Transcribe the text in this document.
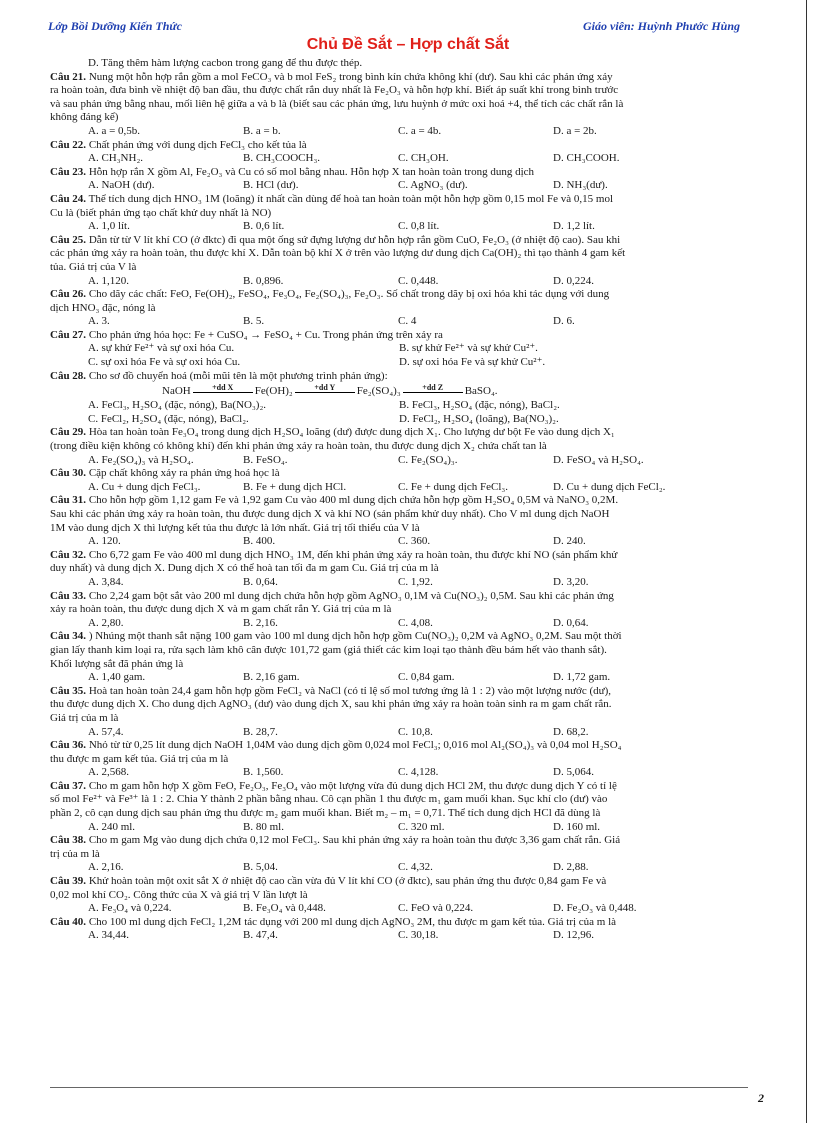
Lớp Bồi Dưỡng Kiến Thức	Giáo viên: Huỳnh Phước Hùng
Chủ Đề Sắt – Hợp chất Sắt
D. Tăng thêm hàm lượng cacbon trong gang để thu được thép.
Câu 21. Nung một hỗn hợp rắn gồm a mol FeCO₃ và b mol FeS₂ trong bình kín chứa không khí (dư). Sau khi các phản ứng xảy
ra hoàn toàn, đưa bình về nhiệt độ ban đầu, thu được chất rắn duy nhất là Fe₂O₃ và hỗn hợp khí. Biết áp suất khí trong bình trước
và sau phản ứng bằng nhau, mối liên hệ giữa a và b là (biết sau các phản ứng, lưu huỳnh ở mức oxi hoá +4, thể tích các chất rắn là
không đáng kể)
A. a = 0,5b.	B. a = b.	C. a = 4b.	D. a = 2b.
Câu 22. Chất phản ứng với dung dịch FeCl₃ cho kết tủa là
A. CH₃NH₂.	B. CH₃COOCH₃.	C. CH₃OH.	D. CH₃COOH.
Câu 23. Hỗn hợp rắn X gồm Al, Fe₂O₃ và Cu có số mol bằng nhau. Hỗn hợp X tan hoàn toàn trong dung dịch
A. NaOH (dư).	B. HCl (dư).	C. AgNO₃ (dư).	D. NH₃(dư).
Câu 24. Thể tích dung dịch HNO₃ 1M (loãng) ít nhất cần dùng để hoà tan hoàn toàn một hỗn hợp gồm 0,15 mol Fe và 0,15 mol
Cu là (biết phản ứng tạo chất khử duy nhất là NO)
A. 1,0 lít.	B. 0,6 lít.	C. 0,8 lít.	D. 1,2 lít.
Câu 25. Dẫn từ từ V lít khí CO (ở đktc) đi qua một ống sứ đựng lượng dư hỗn hợp rắn gồm CuO, Fe₂O₃ (ở nhiệt độ cao). Sau khi
các phản ứng xảy ra hoàn toàn, thu được khí X. Dẫn toàn bộ khí X ở trên vào lượng dư dung dịch Ca(OH)₂ thì tạo thành 4 gam kết
tủa. Giá trị của V là
A. 1,120.	B. 0,896.	C. 0,448.	D. 0,224.
Câu 26. Cho dãy các chất: FeO, Fe(OH)₂, FeSO₄, Fe₃O₄, Fe₂(SO₄)₃, Fe₂O₃. Số chất trong dãy bị oxi hóa khi tác dụng với dung
dịch HNO₃ đặc, nóng là
A. 3.	B. 5.	C. 4	D. 6.
Câu 27. Cho phản ứng hóa học: Fe + CuSO₄ → FeSO₄ + Cu. Trong phản ứng trên xảy ra
A. sự khử Fe²⁺ và sự oxi hóa Cu.	B. sự khử Fe²⁺ và sự khử Cu²⁺.
C. sự oxi hóa Fe và sự oxi hóa Cu.	D. sự oxi hóa Fe và sự khử Cu²⁺.
Câu 28. Cho sơ đồ chuyển hoá (mỗi mũi tên là một phương trình phản ứng):
NaOH	+dd X Fe(OH)₂	+dd Y Fe₂(SO₄)₃	+dd Z BaSO₄.
A. FeCl₃, H₂SO₄ (đặc, nóng), Ba(NO₃)₂.	B. FeCl₃, H₂SO₄ (đặc, nóng), BaCl₂.
C. FeCl₂, H₂SO₄ (đặc, nóng), BaCl₂.	D. FeCl₂, H₂SO₄ (loãng), Ba(NO₃)₂.
Câu 29. Hòa tan hoàn toàn Fe₃O₄ trong dung dịch H₂SO₄ loãng (dư) được dung dịch X₁. Cho lượng dư bột Fe vào dung dịch X₁
(trong điều kiện không có không khí) đến khi phản ứng xảy ra hoàn toàn, thu được dung dịch X₂ chứa chất tan là
A. Fe₂(SO₄)₃ và H₂SO₄.	B. FeSO₄.	C. Fe₂(SO₄)₃.	D. FeSO₄ và H₂SO₄.
Câu 30. Cặp chất không xảy ra phản ứng hoá học là
A. Cu + dung dịch FeCl₃.	B. Fe + dung dịch HCl.	C. Fe + dung dịch FeCl₃.	D. Cu + dung dịch FeCl₂.
Câu 31. Cho hỗn hợp gồm 1,12 gam Fe và 1,92 gam Cu vào 400 ml dung dịch chứa hỗn hợp gồm H₂SO₄ 0,5M và NaNO₃ 0,2M.
Sau khi các phản ứng xảy ra hoàn toàn, thu được dung dịch X và khí NO (sản phẩm khử duy nhất). Cho V ml dung dịch NaOH
1M vào dung dịch X thì lượng kết tủa thu được là lớn nhất. Giá trị tối thiểu của V là
A. 120.	B. 400.	C. 360.	D. 240.
Câu 32. Cho 6,72 gam Fe vào 400 ml dung dịch HNO₃ 1M, đến khi phản ứng xảy ra hoàn toàn, thu được khí NO (sản phẩm khử
duy nhất) và dung dịch X. Dung dịch X có thể hoà tan tối đa m gam Cu. Giá trị của m là
A. 3,84.	B. 0,64.	C. 1,92.	D. 3,20.
Câu 33. Cho 2,24 gam bột sắt vào 200 ml dung dịch chứa hỗn hợp gồm AgNO₃ 0,1M và Cu(NO₃)₂ 0,5M. Sau khi các phản ứng
xảy ra hoàn toàn, thu được dung dịch X và m gam chất rắn Y. Giá trị của m là
A. 2,80.	B. 2,16.	C. 4,08.	D. 0,64.
Câu 34. ) Nhúng một thanh sắt nặng 100 gam vào 100 ml dung dịch hỗn hợp gồm Cu(NO₃)₂ 0,2M và AgNO₃ 0,2M. Sau một thời
gian lấy thanh kim loại ra, rửa sạch làm khô cân được 101,72 gam (giả thiết các kim loại tạo thành đều bám hết vào thanh sắt).
Khối lượng sắt đã phản ứng là
A. 1,40 gam.	B. 2,16 gam.	C. 0,84 gam.	D. 1,72 gam.
Câu 35. Hoà tan hoàn toàn 24,4 gam hỗn hợp gồm FeCl₂ và NaCl (có tỉ lệ số mol tương ứng là 1 : 2) vào một lượng nước (dư),
thu được dung dịch X. Cho dung dịch AgNO₃ (dư) vào dung dịch X, sau khi phản ứng xảy ra hoàn toàn sinh ra m gam chất rắn.
Giá trị của m là
A. 57,4.	B. 28,7.	C. 10,8.	D. 68,2.
Câu 36. Nhỏ từ từ 0,25 lít dung dịch NaOH 1,04M vào dung dịch gồm 0,024 mol FeCl₃; 0,016 mol Al₂(SO₄)₃ và 0,04 mol H₂SO₄
thu được m gam kết tủa. Giá trị của m là
A. 2,568.	B. 1,560.	C. 4,128.	D. 5,064.
Câu 37. Cho m gam hỗn hợp X gồm FeO, Fe₂O₃, Fe₃O₄ vào một lượng vừa đủ dung dịch HCl 2M, thu được dung dịch Y có tỉ lệ
số mol Fe²⁺ và Fe³⁺ là 1 : 2. Chia Y thành 2 phần bằng nhau. Cô cạn phần 1 thu được m₁ gam muối khan. Sục khí clo (dư) vào
phần 2, cô cạn dung dịch sau phản ứng thu được m₂ gam muối khan. Biết m₂ – m₁ = 0,71. Thể tích dung dịch HCl đã dùng là
A. 240 ml.	B. 80 ml.	C. 320 ml.	D. 160 ml.
Câu 38. Cho m gam Mg vào dung dịch chứa 0,12 mol FeCl₃. Sau khi phản ứng xảy ra hoàn toàn thu được 3,36 gam chất rắn. Giá
trị của m là
A. 2,16.	B. 5,04.	C. 4,32.	D. 2,88.
Câu 39. Khử hoàn toàn một oxit sắt X ở nhiệt độ cao cần vừa đủ V lít khí CO (ở đktc), sau phản ứng thu được 0,84 gam Fe và
0,02 mol khí CO₂. Công thức của X và giá trị V lần lượt là
A. Fe₃O₄ và 0,224.	B. Fe₃O₄ và 0,448.	C. FeO và 0,224.	D. Fe₂O₃ và 0,448.
Câu 40. Cho 100 ml dung dịch FeCl₂ 1,2M tác dụng với 200 ml dung dịch AgNO₃ 2M, thu được m gam kết tủa. Giá trị của m là
A. 34,44.	B. 47,4.	C. 30,18.	D. 12,96.
2
